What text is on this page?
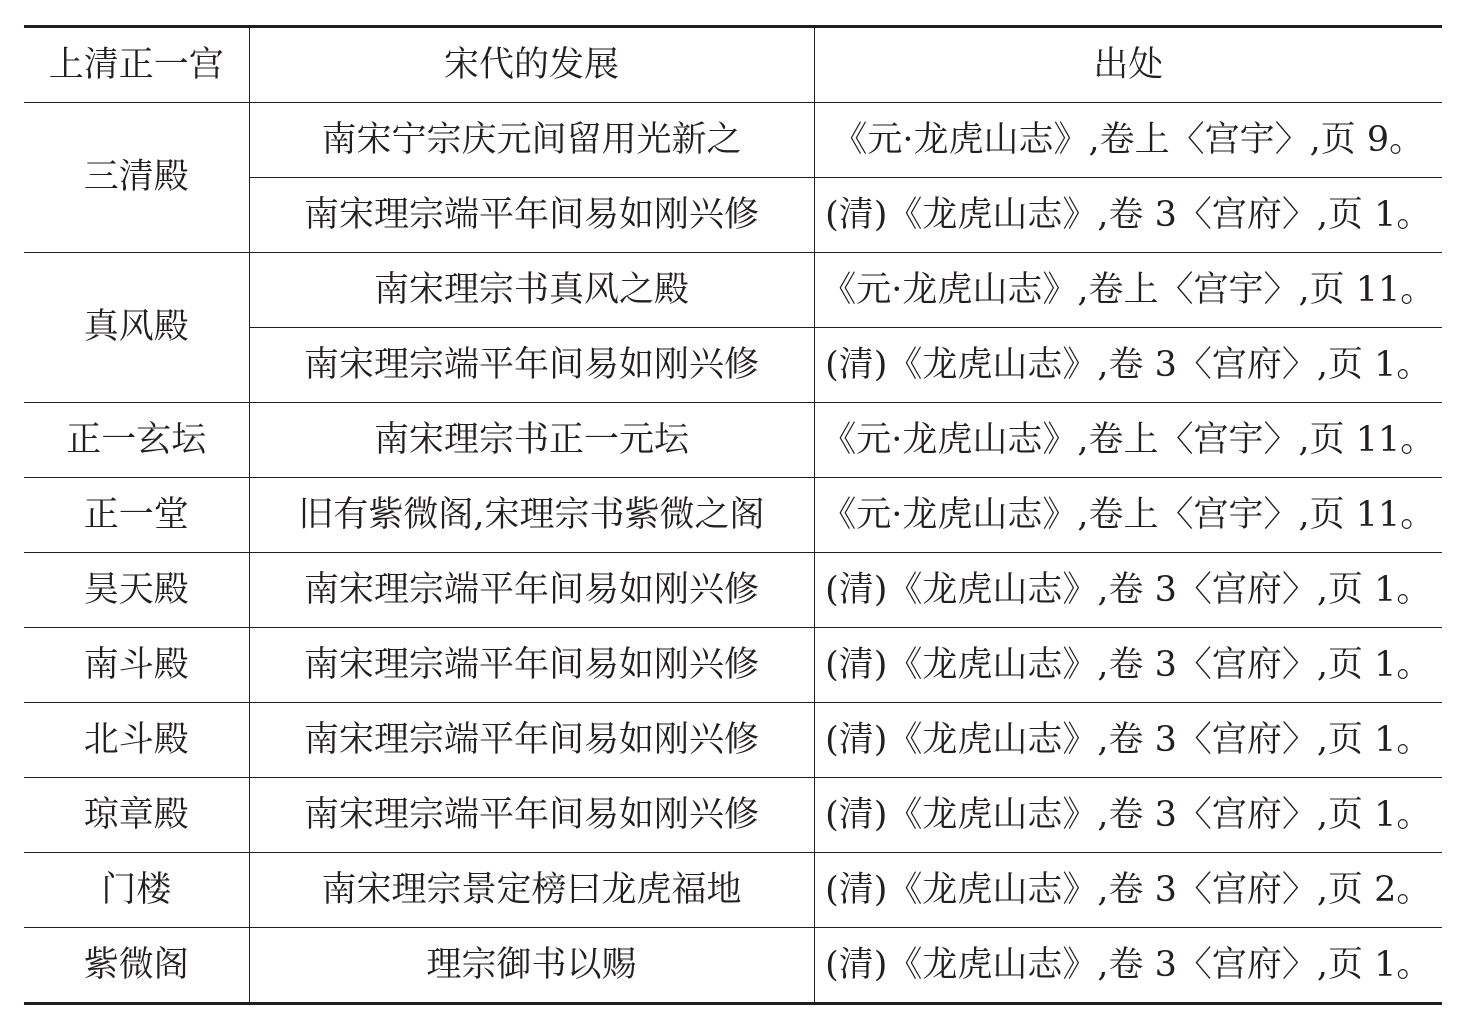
上清正一宫	宋代的发展	出处
三清殿	南宋宁宗庆元间留用光新之	《元·龙虎山志》,卷上〈宫宇〉,页 9。
	南宋理宗端平年间易如刚兴修	(清)《龙虎山志》,卷 3〈宫府〉,页 1。
真风殿	南宋理宗书真风之殿	《元·龙虎山志》,卷上〈宫宇〉,页 11。
	南宋理宗端平年间易如刚兴修	(清)《龙虎山志》,卷 3〈宫府〉,页 1。
正一玄坛	南宋理宗书正一元坛	《元·龙虎山志》,卷上〈宫宇〉,页 11。
正一堂	旧有紫微阁,宋理宗书紫微之阁	《元·龙虎山志》,卷上〈宫宇〉,页 11。
昊天殿	南宋理宗端平年间易如刚兴修	(清)《龙虎山志》,卷 3〈宫府〉,页 1。
南斗殿	南宋理宗端平年间易如刚兴修	(清)《龙虎山志》,卷 3〈宫府〉,页 1。
北斗殿	南宋理宗端平年间易如刚兴修	(清)《龙虎山志》,卷 3〈宫府〉,页 1。
琼章殿	南宋理宗端平年间易如刚兴修	(清)《龙虎山志》,卷 3〈宫府〉,页 1。
门楼	南宋理宗景定榜曰龙虎福地	(清)《龙虎山志》,卷 3〈宫府〉,页 2。
紫微阁	理宗御书以赐	(清)《龙虎山志》,卷 3〈宫府〉,页 1。
